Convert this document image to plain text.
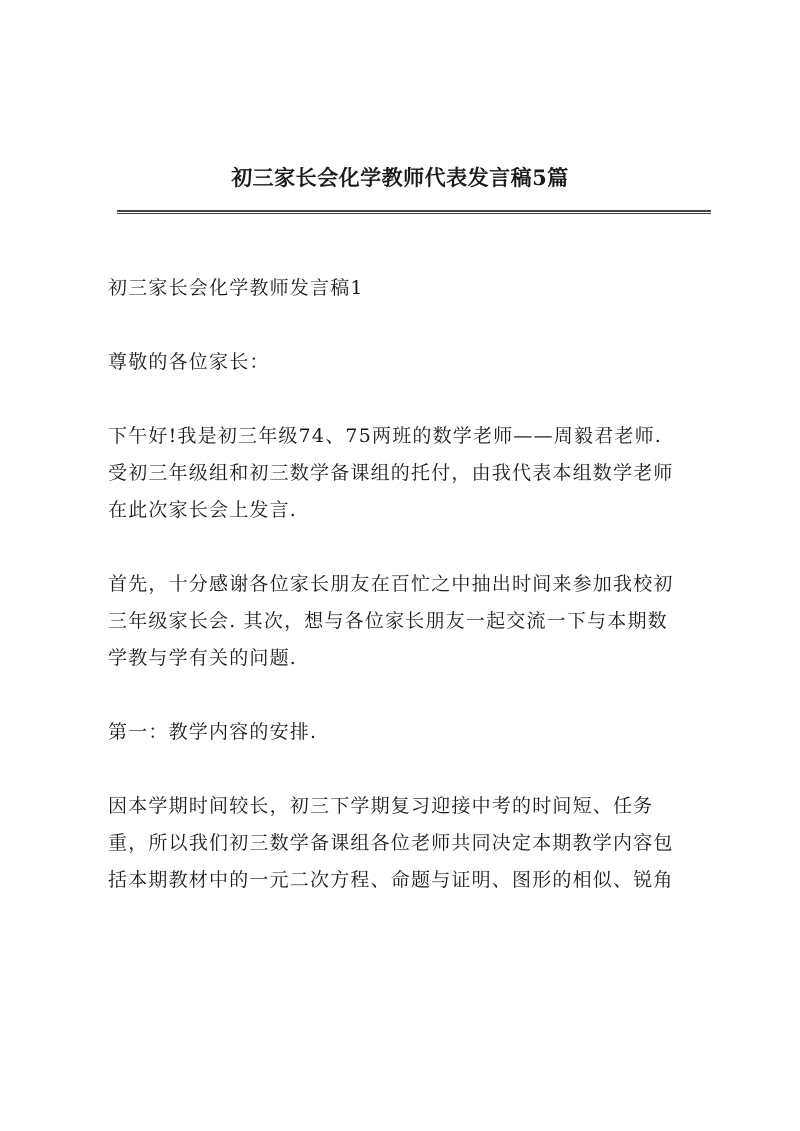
初三家长会化学教师代表发言稿5篇

初三家长会化学教师发言稿1

尊敬的各位家长：

下午好!我是初三年级74、75两班的数学老师——周毅君老师.
受初三年级组和初三数学备课组的托付，由我代表本组数学老师
在此次家长会上发言.

首先，十分感谢各位家长朋友在百忙之中抽出时间来参加我校初
三年级家长会. 其次，想与各位家长朋友一起交流一下与本期数
学教与学有关的问题.

第一：教学内容的安排.

因本学期时间较长，初三下学期复习迎接中考的时间短、任务
重，所以我们初三数学备课组各位老师共同决定本期教学内容包
括本期教材中的一元二次方程、命题与证明、图形的相似、锐角
